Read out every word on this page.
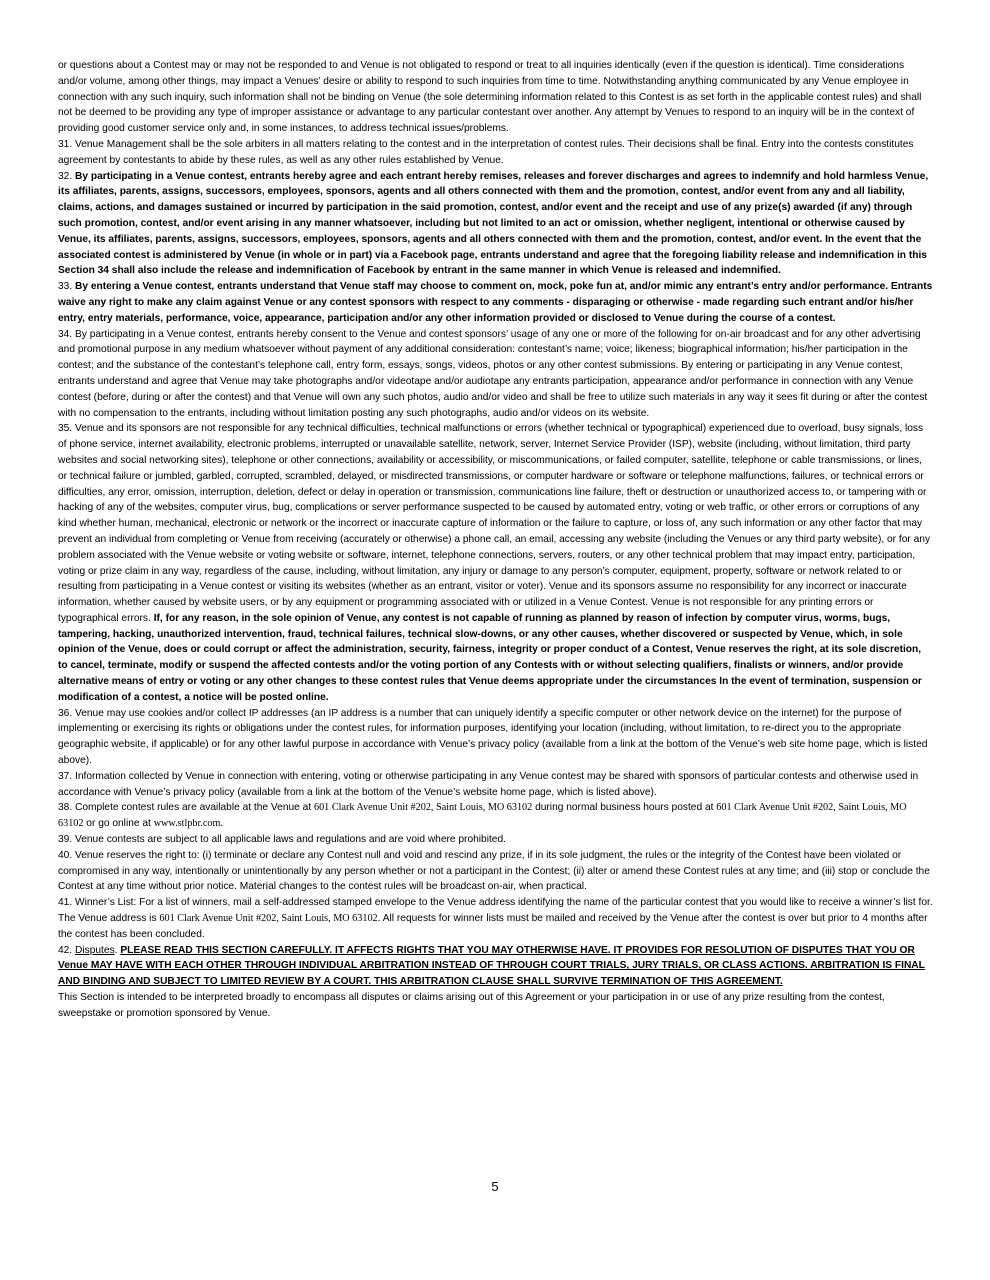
or questions about a Contest may or may not be responded to and Venue is not obligated to respond or treat to all inquiries identically (even if the question is identical). Time considerations and/or volume, among other things, may impact a Venues’ desire or ability to respond to such inquiries from time to time. Notwithstanding anything communicated by any Venue employee in connection with any such inquiry, such information shall not be binding on Venue (the sole determining information related to this Contest is as set forth in the applicable contest rules) and shall not be deemed to be providing any type of improper assistance or advantage to any particular contestant over another. Any attempt by Venues to respond to an inquiry will be in the context of providing good customer service only and, in some instances, to address technical issues/problems.

31. Venue Management shall be the sole arbiters in all matters relating to the contest and in the interpretation of contest rules. Their decisions shall be final. Entry into the contests constitutes agreement by contestants to abide by these rules, as well as any other rules established by Venue.

32. By participating in a Venue contest, entrants hereby agree and each entrant hereby remises, releases and forever discharges and agrees to indemnify and hold harmless Venue, its affiliates, parents, assigns, successors, employees, sponsors, agents and all others connected with them and the promotion, contest, and/or event from any and all liability, claims, actions, and damages sustained or incurred by participation in the said promotion, contest, and/or event and the receipt and use of any prize(s) awarded (if any) through such promotion, contest, and/or event arising in any manner whatsoever, including but not limited to an act or omission, whether negligent, intentional or otherwise caused by Venue, its affiliates, parents, assigns, successors, employees, sponsors, agents and all others connected with them and the promotion, contest, and/or event. In the event that the associated contest is administered by Venue (in whole or in part) via a Facebook page, entrants understand and agree that the foregoing liability release and indemnification in this Section 34 shall also include the release and indemnification of Facebook by entrant in the same manner in which Venue is released and indemnified.

33. By entering a Venue contest, entrants understand that Venue staff may choose to comment on, mock, poke fun at, and/or mimic any entrant’s entry and/or performance. Entrants waive any right to make any claim against Venue or any contest sponsors with respect to any comments - disparaging or otherwise - made regarding such entrant and/or his/her entry, entry materials, performance, voice, appearance, participation and/or any other information provided or disclosed to Venue during the course of a contest.

34. By participating in a Venue contest, entrants hereby consent to the Venue and contest sponsors’ usage of any one or more of the following for on-air broadcast and for any other advertising and promotional purpose in any medium whatsoever without payment of any additional consideration: contestant’s name; voice; likeness; biographical information; his/her participation in the contest; and the substance of the contestant’s telephone call, entry form, essays, songs, videos, photos or any other contest submissions. By entering or participating in any Venue contest, entrants understand and agree that Venue may take photographs and/or videotape and/or audiotape any entrants participation, appearance and/or performance in connection with any Venue contest (before, during or after the contest) and that Venue will own any such photos, audio and/or video and shall be free to utilize such materials in any way it sees fit during or after the contest with no compensation to the entrants, including without limitation posting any such photographs, audio and/or videos on its website.

35. Venue and its sponsors are not responsible for any technical difficulties, technical malfunctions or errors (whether technical or typographical) experienced due to overload, busy signals, loss of phone service, internet availability, electronic problems, interrupted or unavailable satellite, network, server, Internet Service Provider (ISP), website (including, without limitation, third party websites and social networking sites), telephone or other connections, availability or accessibility, or miscommunications, or failed computer, satellite, telephone or cable transmissions, or lines, or technical failure or jumbled, garbled, corrupted, scrambled, delayed, or misdirected transmissions, or computer hardware or software or telephone malfunctions, failures, or technical errors or difficulties, any error, omission, interruption, deletion, defect or delay in operation or transmission, communications line failure, theft or destruction or unauthorized access to, or tampering with or hacking of any of the websites, computer virus, bug, complications or server performance suspected to be caused by automated entry, voting or web traffic, or other errors or corruptions of any kind whether human, mechanical, electronic or network or the incorrect or inaccurate capture of information or the failure to capture, or loss of, any such information or any other factor that may prevent an individual from completing or Venue from receiving (accurately or otherwise) a phone call, an email, accessing any website (including the Venues or any third party website), or for any problem associated with the Venue website or voting website or software, internet, telephone connections, servers, routers, or any other technical problem that may impact entry, participation, voting or prize claim in any way, regardless of the cause, including, without limitation, any injury or damage to any person’s computer, equipment, property, software or network related to or resulting from participating in a Venue contest or visiting its websites (whether as an entrant, visitor or voter). Venue and its sponsors assume no responsibility for any incorrect or inaccurate information, whether caused by website users, or by any equipment or programming associated with or utilized in a Venue Contest. Venue is not responsible for any printing errors or typographical errors. If, for any reason, in the sole opinion of Venue, any contest is not capable of running as planned by reason of infection by computer virus, worms, bugs, tampering, hacking, unauthorized intervention, fraud, technical failures, technical slow-downs, or any other causes, whether discovered or suspected by Venue, which, in sole opinion of the Venue, does or could corrupt or affect the administration, security, fairness, integrity or proper conduct of a Contest, Venue reserves the right, at its sole discretion, to cancel, terminate, modify or suspend the affected contests and/or the voting portion of any Contests with or without selecting qualifiers, finalists or winners, and/or provide alternative means of entry or voting or any other changes to these contest rules that Venue deems appropriate under the circumstances In the event of termination, suspension or modification of a contest, a notice will be posted online.

36. Venue may use cookies and/or collect IP addresses (an IP address is a number that can uniquely identify a specific computer or other network device on the internet) for the purpose of implementing or exercising its rights or obligations under the contest rules, for information purposes, identifying your location (including, without limitation, to re-direct you to the appropriate geographic website, if applicable) or for any other lawful purpose in accordance with Venue’s privacy policy (available from a link at the bottom of the Venue’s web site home page, which is listed above).

37. Information collected by Venue in connection with entering, voting or otherwise participating in any Venue contest may be shared with sponsors of particular contests and otherwise used in accordance with Venue’s privacy policy (available from a link at the bottom of the Venue’s website home page, which is listed above).

38. Complete contest rules are available at the Venue at 601 Clark Avenue Unit #202, Saint Louis, MO 63102 during normal business hours posted at 601 Clark Avenue Unit #202, Saint Louis, MO 63102 or go online at www.stlpbr.com.

39. Venue contests are subject to all applicable laws and regulations and are void where prohibited.

40. Venue reserves the right to: (i) terminate or declare any Contest null and void and rescind any prize, if in its sole judgment, the rules or the integrity of the Contest have been violated or compromised in any way, intentionally or unintentionally by any person whether or not a participant in the Contest; (ii) alter or amend these Contest rules at any time; and (iii) stop or conclude the Contest at any time without prior notice. Material changes to the contest rules will be broadcast on-air, when practical.

41. Winner’s List: For a list of winners, mail a self-addressed stamped envelope to the Venue address identifying the name of the particular contest that you would like to receive a winner’s list for. The Venue address is 601 Clark Avenue Unit #202, Saint Louis, MO 63102. All requests for winner lists must be mailed and received by the Venue after the contest is over but prior to 4 months after the contest has been concluded.

42. Disputes. PLEASE READ THIS SECTION CAREFULLY. IT AFFECTS RIGHTS THAT YOU MAY OTHERWISE HAVE. IT PROVIDES FOR RESOLUTION OF DISPUTES THAT YOU OR Venue MAY HAVE WITH EACH OTHER THROUGH INDIVIDUAL ARBITRATION INSTEAD OF THROUGH COURT TRIALS, JURY TRIALS, OR CLASS ACTIONS. ARBITRATION IS FINAL AND BINDING AND SUBJECT TO LIMITED REVIEW BY A COURT. THIS ARBITRATION CLAUSE SHALL SURVIVE TERMINATION OF THIS AGREEMENT.

This Section is intended to be interpreted broadly to encompass all disputes or claims arising out of this Agreement or your participation in or use of any prize resulting from the contest, sweepstake or promotion sponsored by Venue.

5
